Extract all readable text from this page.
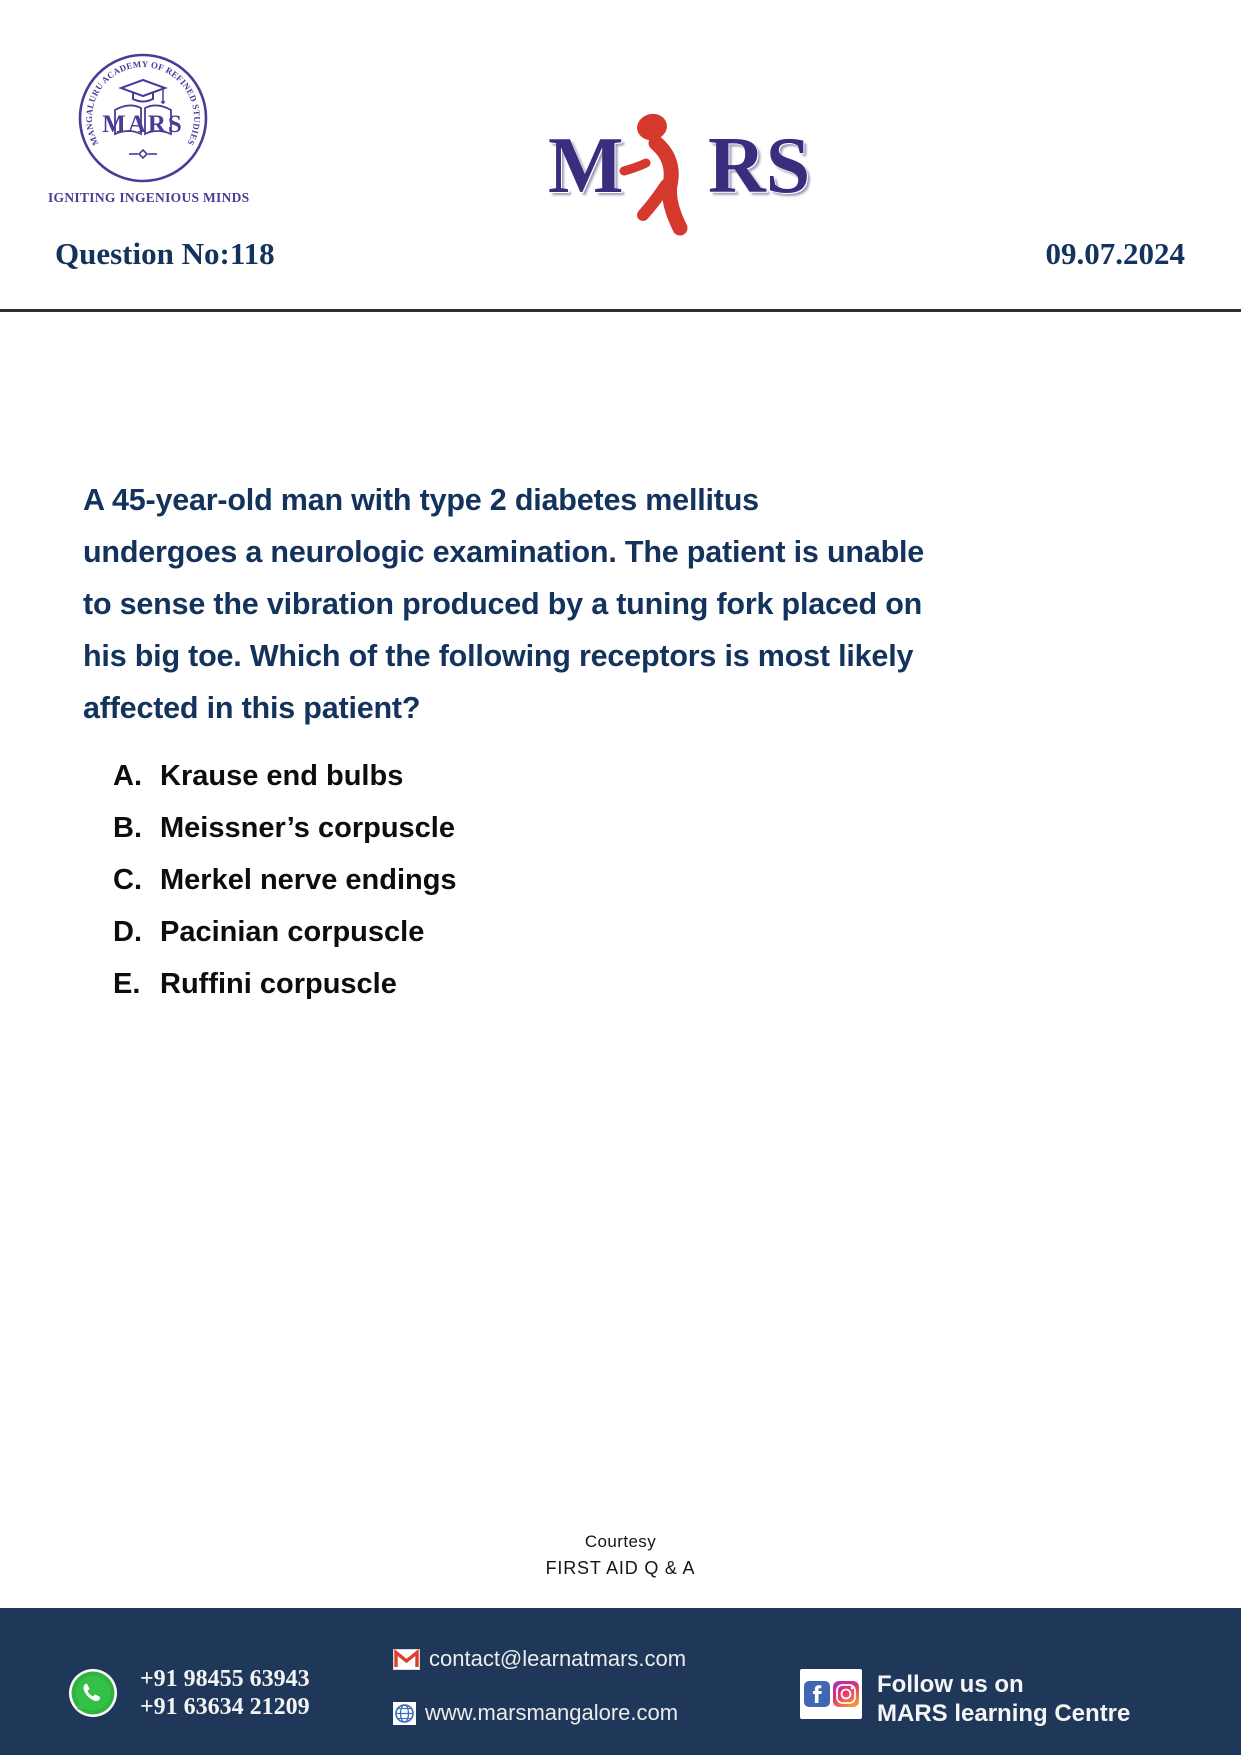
MANGALURU ACADEMY OF REFINED STUDIES
MARS
IGNITING INGENIOUS MINDS	M RS
Question No:118	09.07.2024
A 45-year-old man with type 2 diabetes mellitus
undergoes a neurologic examination. The patient is unable
to sense the vibration produced by a tuning fork placed on
his big toe. Which of the following receptors is most likely
affected in this patient?
A. Krause end bulbs
B. Meissner’s corpuscle
C. Merkel nerve endings
D. Pacinian corpuscle
E. Ruffini corpuscle
Courtesy
FIRST AID Q & A
+91 98455 63943
+91 63634 21209
contact@learnatmars.com
www.marsmangalore.com
Follow us on
MARS learning Centre
